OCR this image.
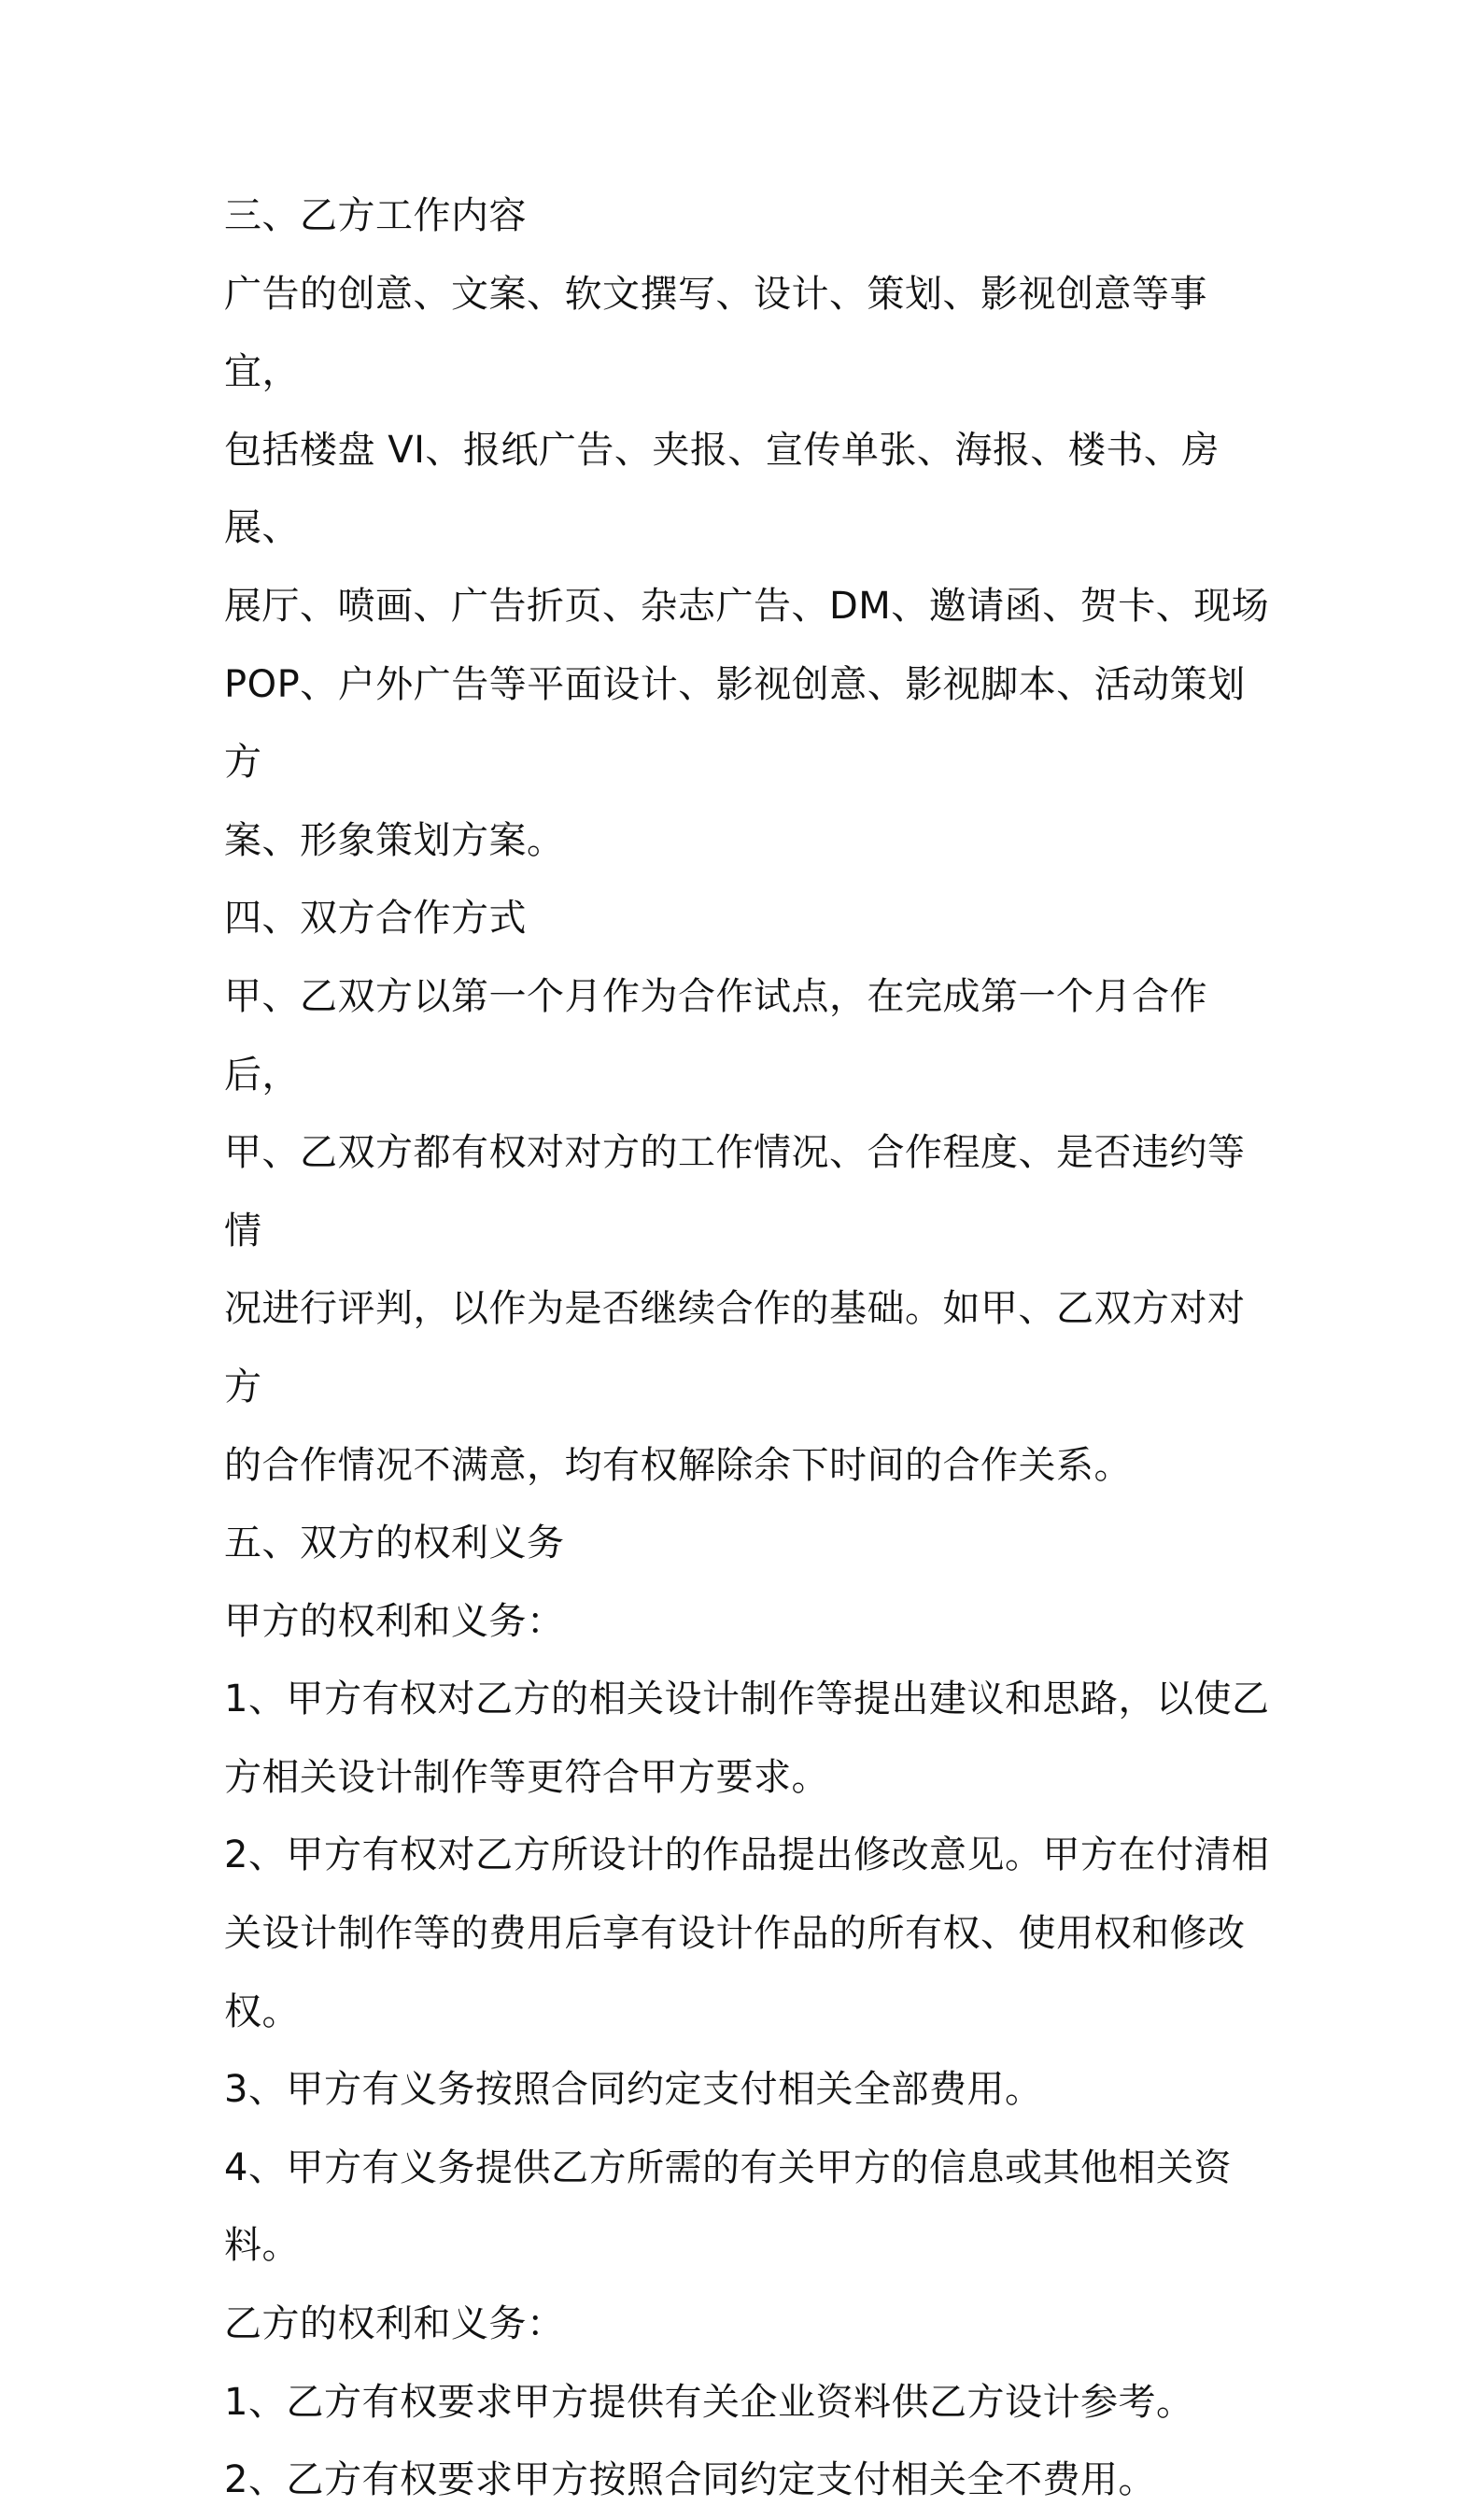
三、乙方工作内容

广告的创意、文案、软文撰写、设计、策划、影视创意等事宜，

包括楼盘 VI、报纸广告、夹报、宣传单张、海报、楼书、房展、

展厅、喷画、广告折页、杂志广告、DM、邀请函、贺卡、现场

POP、户外广告等平面设计、影视创意、影视脚本、活动策划方

案、形象策划方案。

四、双方合作方式

甲、乙双方以第一个月作为合作试点，在完成第一个月合作后，

甲、乙双方都有权对对方的工作情况、合作程度、是否违约等情

况进行评判，以作为是否继续合作的基础。如甲、乙双方对对方

的合作情况不满意，均有权解除余下时间的合作关系。

五、双方的权利义务

甲方的权利和义务：

1、甲方有权对乙方的相关设计制作等提出建议和思路，以使乙

方相关设计制作等更符合甲方要求。

2、甲方有权对乙方所设计的作品提出修改意见。甲方在付清相

关设计制作等的费用后享有设计作品的所有权、使用权和修改权。

3、甲方有义务按照合同约定支付相关全部费用。

4、甲方有义务提供乙方所需的有关甲方的信息或其他相关资料。

乙方的权利和义务：

1、乙方有权要求甲方提供有关企业资料供乙方设计参考。

2、乙方有权要求甲方按照合同约定支付相关全不费用。
